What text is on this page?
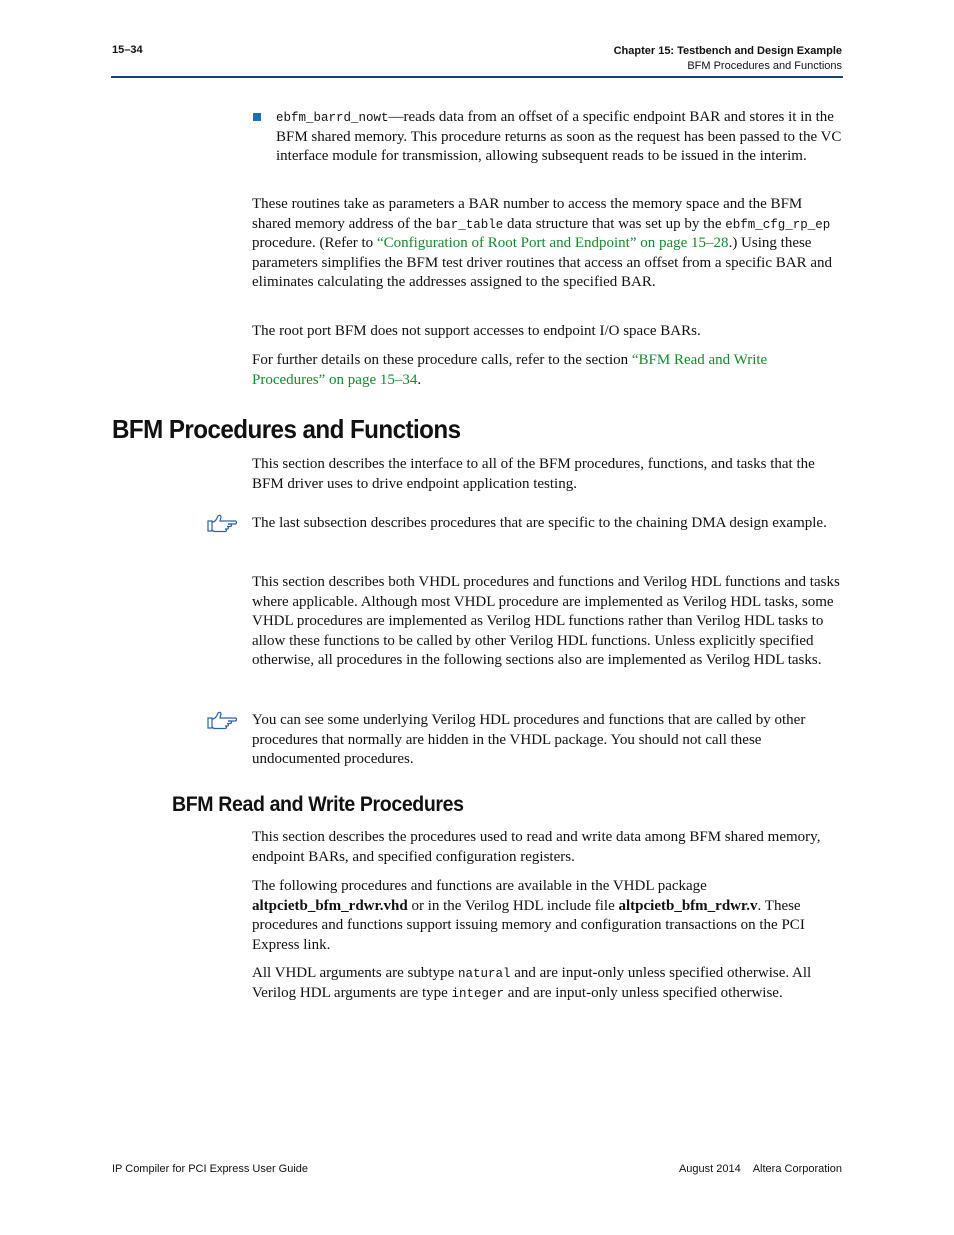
15–34	Chapter 15: Testbench and Design Example
BFM Procedures and Functions
ebfm_barrd_nowt—reads data from an offset of a specific endpoint BAR and stores it in the BFM shared memory. This procedure returns as soon as the request has been passed to the VC interface module for transmission, allowing subsequent reads to be issued in the interim.
These routines take as parameters a BAR number to access the memory space and the BFM shared memory address of the bar_table data structure that was set up by the ebfm_cfg_rp_ep procedure. (Refer to “Configuration of Root Port and Endpoint” on page 15–28.) Using these parameters simplifies the BFM test driver routines that access an offset from a specific BAR and eliminates calculating the addresses assigned to the specified BAR.
The root port BFM does not support accesses to endpoint I/O space BARs.
For further details on these procedure calls, refer to the section “BFM Read and Write Procedures” on page 15–34.
BFM Procedures and Functions
This section describes the interface to all of the BFM procedures, functions, and tasks that the BFM driver uses to drive endpoint application testing.
The last subsection describes procedures that are specific to the chaining DMA design example.
This section describes both VHDL procedures and functions and Verilog HDL functions and tasks where applicable. Although most VHDL procedure are implemented as Verilog HDL tasks, some VHDL procedures are implemented as Verilog HDL functions rather than Verilog HDL tasks to allow these functions to be called by other Verilog HDL functions. Unless explicitly specified otherwise, all procedures in the following sections also are implemented as Verilog HDL tasks.
You can see some underlying Verilog HDL procedures and functions that are called by other procedures that normally are hidden in the VHDL package. You should not call these undocumented procedures.
BFM Read and Write Procedures
This section describes the procedures used to read and write data among BFM shared memory, endpoint BARs, and specified configuration registers.
The following procedures and functions are available in the VHDL package altpcietb_bfm_rdwr.vhd or in the Verilog HDL include file altpcietb_bfm_rdwr.v. These procedures and functions support issuing memory and configuration transactions on the PCI Express link.
All VHDL arguments are subtype natural and are input-only unless specified otherwise. All Verilog HDL arguments are type integer and are input-only unless specified otherwise.
IP Compiler for PCI Express User Guide	August 2014 Altera Corporation
